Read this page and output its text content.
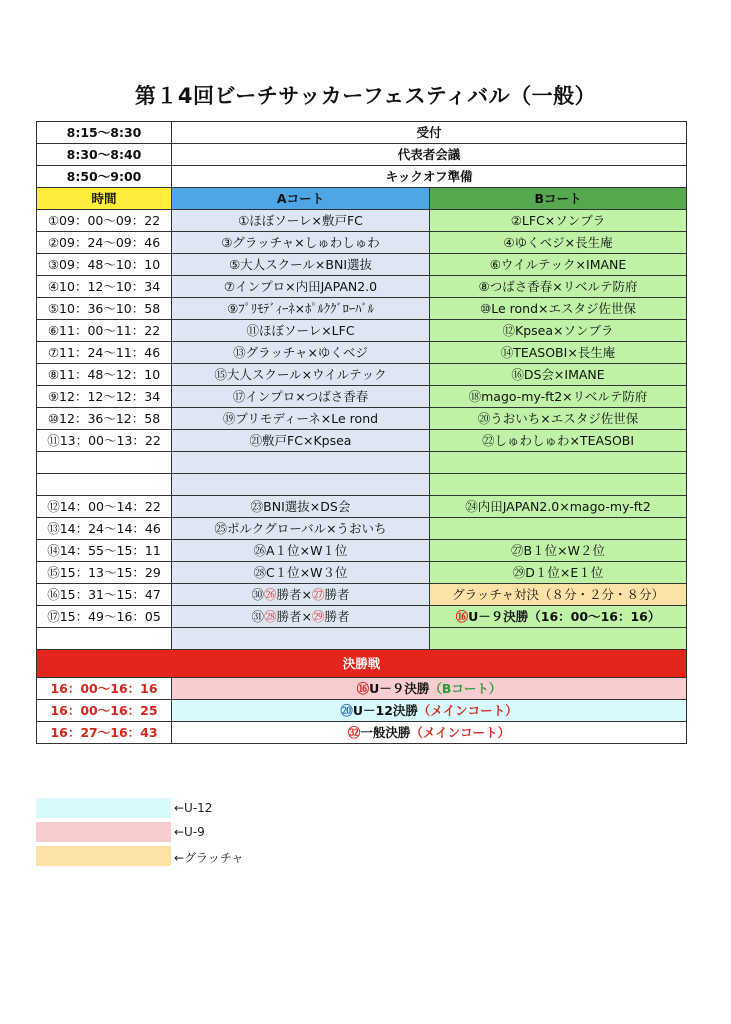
第１4回ビーチサッカーフェスティバル（一般）
8:15〜8:30	受付	
8:30〜8:40	代表者会議	
8:50〜9:00	キックオフ準備	
時間	Aコート	Bコート
①09：00〜09：22	①ほぼソーレ×敷戸FC	②LFC×ソンブラ
②09：24〜09：46	③グラッチャ×しゅわしゅわ	④ゆくベジ×長生庵
③09：48〜10：10	⑤大人スクール×BNI選抜	⑥ウイルテック×IMANE
④10：12〜10：34	⑦インプロ×内田JAPAN2.0	⑧つばさ香春×リベルテ防府
⑤10：36〜10：58	⑨ﾌﾟﾘﾓﾃﾞｨｰﾈ×ﾎﾟﾙｸｸﾞﾛｰﾊﾞﾙ	⑩Le rond×エスタジ佐世保
⑥11：00〜11：22	⑪ほぼソーレ×LFC	⑫Kpsea×ソンブラ
⑦11：24〜11：46	⑬グラッチャ×ゆくベジ	⑭TEASOBI×長生庵
⑧11：48〜12：10	⑮大人スクール×ウイルテック	⑯DS会×IMANE
⑨12：12〜12：34	⑰インプロ×つばさ香春	⑱mago-my-ft2×リベルテ防府
⑩12：36〜12：58	⑲プリモディーネ×Le rond	⑳うおいち×エスタジ佐世保
⑪13：00〜13：22	㉑敷戸FC×Kpsea	㉒しゅわしゅわ×TEASOBI

⑫14：00〜14：22	㉓BNI選抜×DS会	㉔内田JAPAN2.0×mago-my-ft2
⑬14：24〜14：46	㉕ポルクグローバル×うおいち	
⑭14：55〜15：11	㉖A１位×W１位	㉗B１位×W２位
⑮15：13〜15：29	㉘C１位×W３位	㉙D１位×E１位
⑯15：31〜15：47	㉚㉖勝者×㉗勝者	グラッチャ対決（８分・２分・８分）
⑰15：49〜16：05	㉛㉘勝者×㉙勝者	⑯U－９決勝（16：00〜16：16）

決勝戦		
16：00〜16：16	⑯U－９決勝（Bコート）	
16：00〜16：25	⑳U－12決勝（メインコート）	
16：27〜16：43	㉜一般決勝（メインコート）	
←U-12
←U-9
←グラッチャ
